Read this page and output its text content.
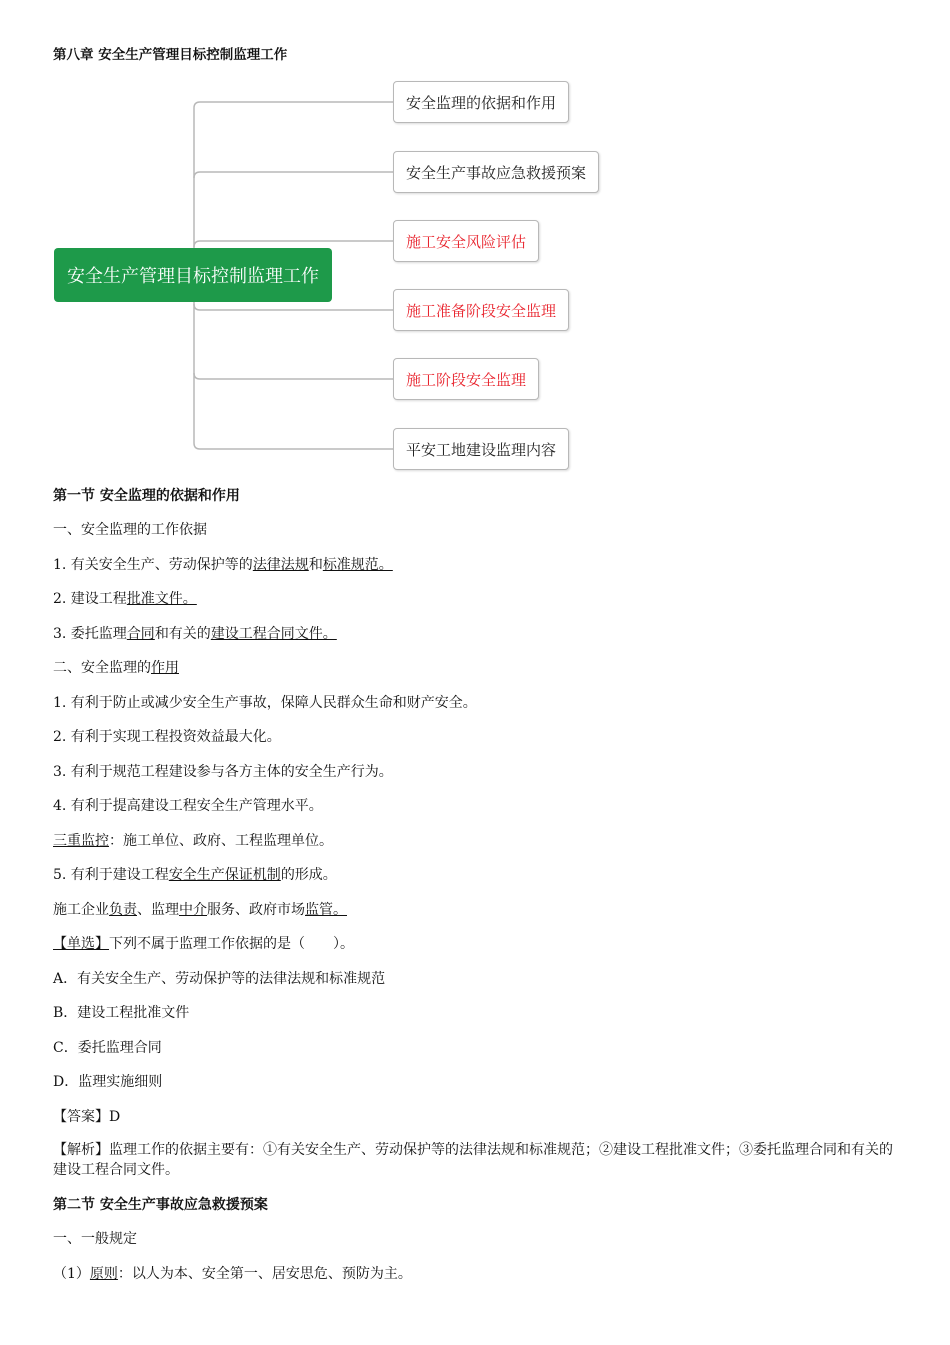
第八章 安全生产管理目标控制监理工作
安全生产管理目标控制监理工作
安全监理的依据和作用
安全生产事故应急救援预案
施工安全风险评估
施工准备阶段安全监理
施工阶段安全监理
平安工地建设监理内容
第一节 安全监理的依据和作用
一、安全监理的工作依据
1. 有关安全生产、劳动保护等的法律法规和标准规范。
2. 建设工程批准文件。
3. 委托监理合同和有关的建设工程合同文件。
二、安全监理的作用
1. 有利于防止或减少安全生产事故，保障人民群众生命和财产安全。
2. 有利于实现工程投资效益最大化。
3. 有利于规范工程建设参与各方主体的安全生产行为。
4. 有利于提高建设工程安全生产管理水平。
三重监控：施工单位、政府、工程监理单位。
5. 有利于建设工程安全生产保证机制的形成。
施工企业负责、监理中介服务、政府市场监管。
【单选】下列不属于监理工作依据的是（　　）。
A．有关安全生产、劳动保护等的法律法规和标准规范
B．建设工程批准文件
C．委托监理合同
D．监理实施细则
【答案】D
【解析】监理工作的依据主要有：①有关安全生产、劳动保护等的法律法规和标准规范；②建设工程批准文件；③委托监理合同和有关的建设工程合同文件。
第二节 安全生产事故应急救援预案
一、一般规定
（1）原则：以人为本、安全第一、居安思危、预防为主。
